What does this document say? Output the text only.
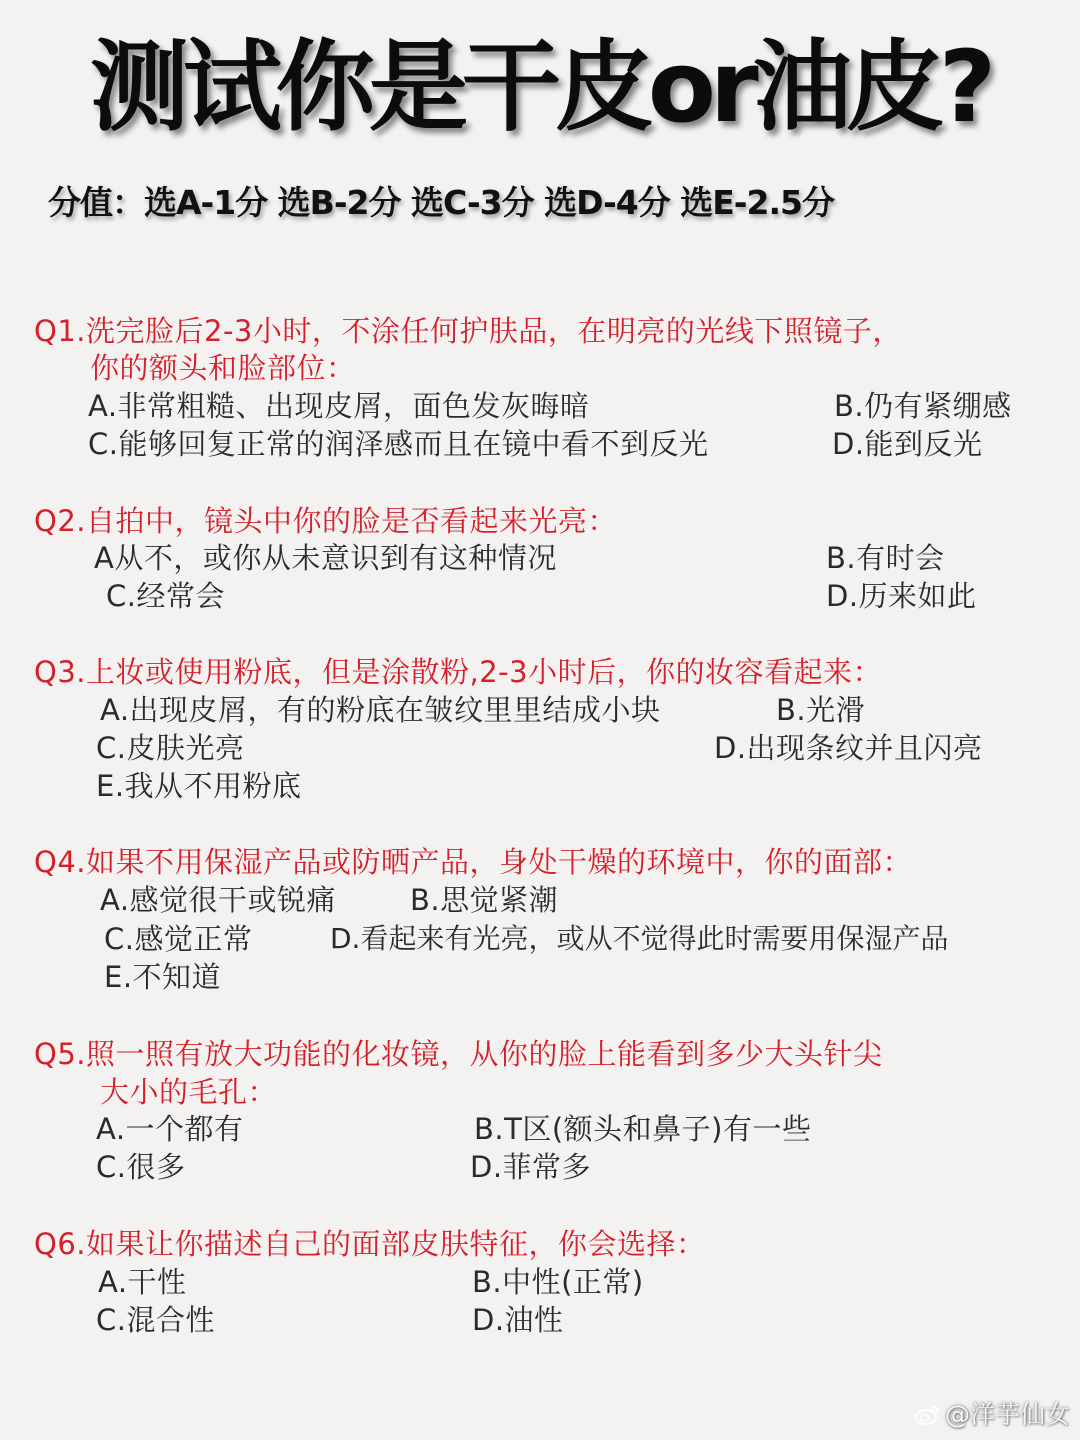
测试你是干皮or油皮?
分值：选A-1分 选B-2分 选C-3分 选D-4分 选E-2.5分
Q1.洗完脸后2-3小时，不涂任何护肤品，在明亮的光线下照镜子，
你的额头和脸部位：
A.非常粗糙、出现皮屑，面色发灰晦暗	B.仍有紧绷感
C.能够回复正常的润泽感而且在镜中看不到反光	D.能到反光
Q2.自拍中，镜头中你的脸是否看起来光亮：
A从不，或你从未意识到有这种情况	B.有时会
C.经常会	D.历来如此
Q3.上妆或使用粉底，但是涂散粉,2-3小时后，你的妆容看起来：
A.出现皮屑，有的粉底在皱纹里里结成小块	B.光滑
C.皮肤光亮	D.出现条纹并且闪亮
E.我从不用粉底
Q4.如果不用保湿产品或防晒产品，身处干燥的环境中，你的面部：
A.感觉很干或锐痛	B.思觉紧潮
C.感觉正常	D.看起来有光亮，或从不觉得此时需要用保湿产品
E.不知道
Q5.照一照有放大功能的化妆镜，从你的脸上能看到多少大头针尖
大小的毛孔：
A.一个都有	B.T区(额头和鼻子)有一些
C.很多	D.菲常多
Q6.如果让你描述自己的面部皮肤特征，你会选择：
A.干性	B.中性(正常)
C.混合性	D.油性
@洋芋仙女
